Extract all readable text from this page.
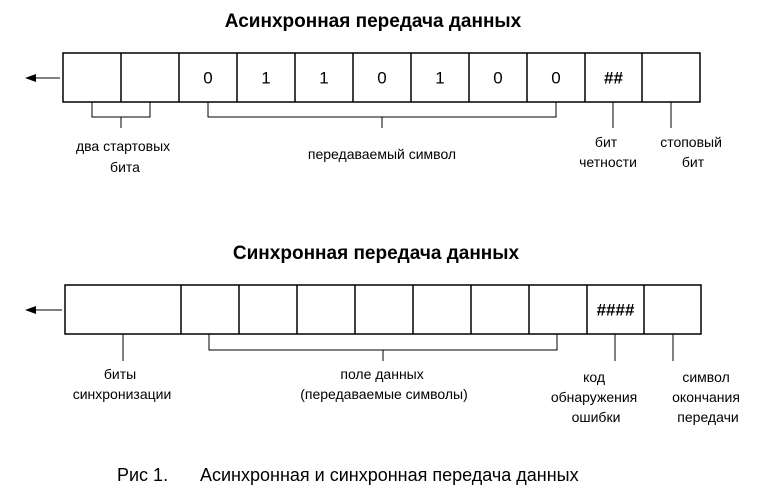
Асинхронная передача данных
0	1	1	0	1	0	0	##
два стартовых бита
передаваемый символ
бит четности
стоповый бит
Синхронная передача данных
####
биты синхронизации
поле данных (передаваемые символы)
код обнаружения ошибки
символ окончания передачи
Рис 1. Асинхронная и синхронная передача данных
